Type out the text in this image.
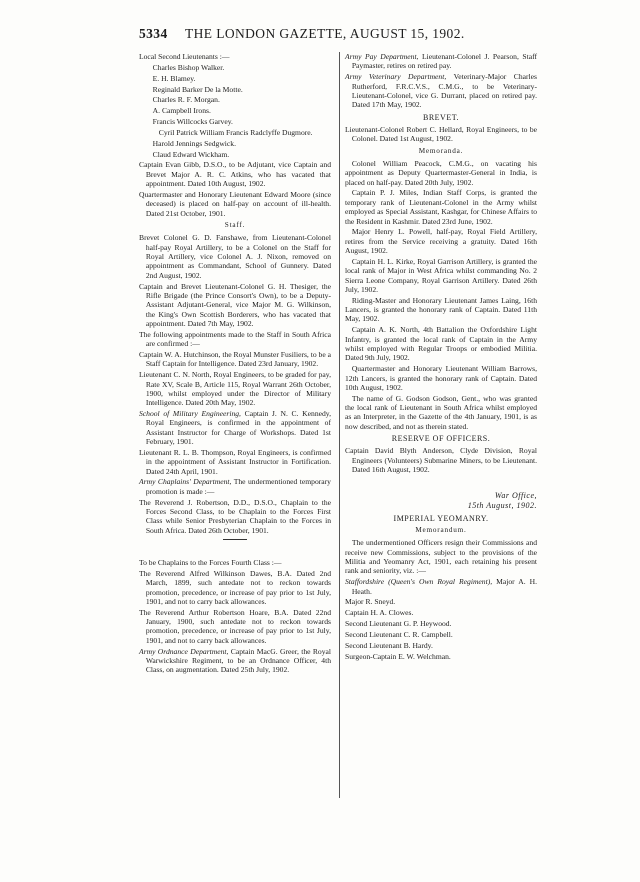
5334 THE LONDON GAZETTE, AUGUST 15, 1902.
Local Second Lieutenants :—
Charles Bishop Walker.
E. H. Blamey.
Reginald Barker De la Motte.
Charles R. F. Morgan.
A. Campbell Irons.
Francis Willcocks Garvey.
Cyril Patrick William Francis Radclyffe Dugmore.
Harold Jennings Sedgwick.
Claud Edward Wickham.
Captain Evan Gibb, D.S.O., to be Adjutant, vice Captain and Brevet Major A. R. C. Atkins, who has vacated that appointment. Dated 10th August, 1902.
Quartermaster and Honorary Lieutenant Edward Moore (since deceased) is placed on half-pay on account of ill-health. Dated 21st October, 1901.
Staff.
Brevet Colonel G. D. Fanshawe, from Lieutenant-Colonel half-pay Royal Artillery, to be a Colonel on the Staff for Royal Artillery, vice Colonel A. J. Nixon, removed on appointment as Commandant, School of Gunnery. Dated 2nd August, 1902.
Captain and Brevet Lieutenant-Colonel G. H. Thesiger, the Rifle Brigade (the Prince Consort's Own), to be a Deputy-Assistant Adjutant-General, vice Major M. G. Wilkinson, the King's Own Scottish Borderers, who has vacated that appointment. Dated 7th May, 1902.
The following appointments made to the Staff in South Africa are confirmed :—
Captain W. A. Hutchinson, the Royal Munster Fusiliers, to be a Staff Captain for Intelligence. Dated 23rd January, 1902.
Lieutenant C. N. North, Royal Engineers, to be graded for pay, Rate XV, Scale B, Article 115, Royal Warrant 26th October, 1900, whilst employed under the Director of Military Intelligence. Dated 20th May, 1902.
School of Military Engineering, Captain J. N. C. Kennedy, Royal Engineers, is confirmed in the appointment of Assistant Instructor for Charge of Workshops. Dated 1st February, 1901.
Lieutenant R. L. B. Thompson, Royal Engineers, is confirmed in the appointment of Assistant Instructor in Fortification. Dated 24th April, 1901.
Army Chaplains' Department, The undermentioned temporary promotion is made :—
The Reverend J. Robertson, D.D., D.S.O., Chaplain to the Forces Second Class, to be Chaplain to the Forces First Class while Senior Presbyterian Chaplain to the Forces in South Africa. Dated 26th October, 1901.
To be Chaplains to the Forces Fourth Class :—
The Reverend Alfred Wilkinson Dawes, B.A. Dated 2nd March, 1899, such antedate not to reckon towards promotion, precedence, or increase of pay prior to 1st July, 1901, and not to carry back allowances.
The Reverend Arthur Robertson Hoare, B.A. Dated 22nd January, 1900, such antedate not to reckon towards promotion, precedence, or increase of pay prior to 1st July, 1901, and not to carry back allowances.
Army Ordnance Department, Captain MacG. Greer, the Royal Warwickshire Regiment, to be an Ordnance Officer, 4th Class, on augmentation. Dated 25th July, 1902.
Army Pay Department, Lieutenant-Colonel J. Pearson, Staff Paymaster, retires on retired pay.
Army Veterinary Department, Veterinary-Major Charles Rutherford, F.R.C.V.S., C.M.G., to be Veterinary-Lieutenant-Colonel, vice G. Durrant, placed on retired pay. Dated 17th May, 1902.
BREVET.
Lieutenant-Colonel Robert C. Hellard, Royal Engineers, to be Colonel. Dated 1st August, 1902.
Memoranda.
Colonel William Peacock, C.M.G., on vacating his appointment as Deputy Quartermaster-General in India, is placed on half-pay. Dated 20th July, 1902.
Captain P. J. Miles, Indian Staff Corps, is granted the temporary rank of Lieutenant-Colonel in the Army whilst employed as Special Assistant, Kashgar, for Chinese Affairs to the Resident in Kashmir. Dated 23rd June, 1902.
Major Henry L. Powell, half-pay, Royal Field Artillery, retires from the Service receiving a gratuity. Dated 16th August, 1902.
Captain H. L. Kirke, Royal Garrison Artillery, is granted the local rank of Major in West Africa whilst commanding No. 2 Sierra Leone Company, Royal Garrison Artillery. Dated 26th July, 1902.
Riding-Master and Honorary Lieutenant James Laing, 16th Lancers, is granted the honorary rank of Captain. Dated 11th May, 1902.
Captain A. K. North, 4th Battalion the Oxfordshire Light Infantry, is granted the local rank of Captain in the Army whilst employed with Regular Troops or embodied Militia. Dated 9th July, 1902.
Quartermaster and Honorary Lieutenant William Barrows, 12th Lancers, is granted the honorary rank of Captain. Dated 10th August, 1902.
The name of G. Godson Godson, Gent., who was granted the local rank of Lieutenant in South Africa whilst employed as an Interpreter, in the Gazette of the 4th January, 1901, is as now described, and not as therein stated.
RESERVE OF OFFICERS.
Captain David Blyth Anderson, Clyde Division, Royal Engineers (Volunteers) Submarine Miners, to be Lieutenant. Dated 16th August, 1902.
War Office,
15th August, 1902.
IMPERIAL YEOMANRY.
Memorandum.
The undermentioned Officers resign their Commissions and receive new Commissions, subject to the provisions of the Militia and Yeomanry Act, 1901, each retaining his present rank and seniority, viz. :—
Staffordshire (Queen's Own Royal Regiment), Major A. H. Heath.
Major R. Sneyd.
Captain H. A. Clowes.
Second Lieutenant G. P. Heywood.
Second Lieutenant C. R. Campbell.
Second Lieutenant B. Hardy.
Surgeon-Captain E. W. Welchman.
